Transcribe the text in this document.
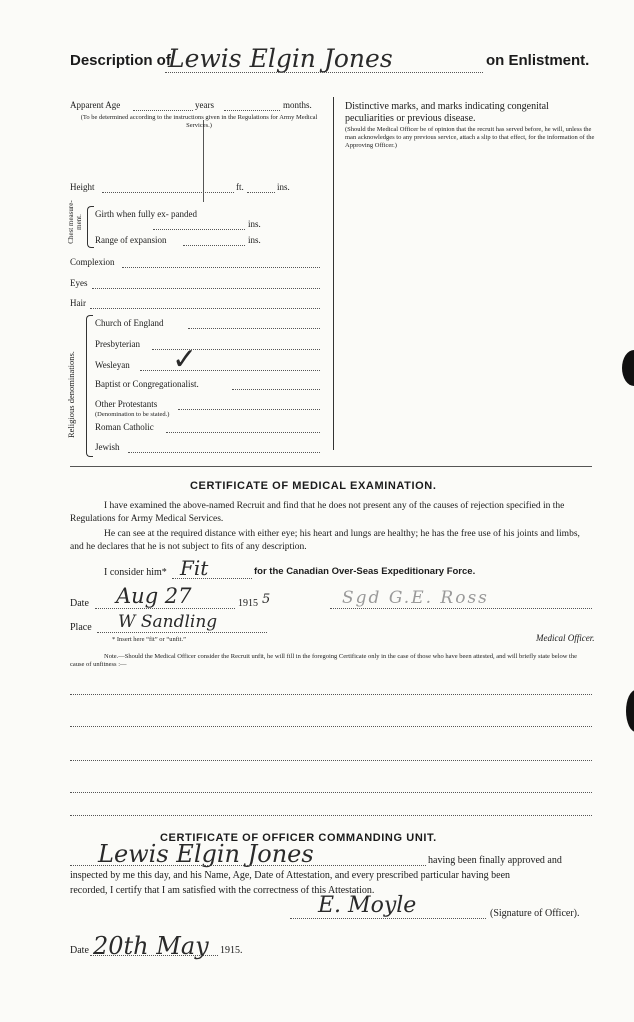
Description of
Lewis Elgin Jones	on Enlistment.
Apparent Age	years	months.
(To be determined according to the instructions given in the Regulations for Army Medical Services.)
Height	ft.	ins.
Chest measure-ment.
Girth when fully ex- panded
ins.
Range of expansion	ins.
Complexion
Eyes
Hair
Religious denominations.
Church of England
Presbyterian
Wesleyan ✓
Baptist or Congregationalist.
Other Protestants
(Denomination to be stated.)
Roman Catholic
Jewish
Distinctive marks, and marks indicating congenital peculiarities or previous disease.
(Should the Medical Officer be of opinion that the recruit has served before, he will, unless the man acknowledges to any previous service, attach a slip to that effect, for the information of the Approving Officer.)
CERTIFICATE OF MEDICAL EXAMINATION.
I have examined the above-named Recruit and find that he does not present any of the causes of rejection specified in the Regulations for Army Medical Services.
He can see at the required distance with either eye; his heart and lungs are healthy; he has the free use of his joints and limbs, and he declares that he is not subject to fits of any description.
I consider him* Fit	for the Canadian Over-Seas Expeditionary Force.
Date Aug 27	1915 5	Sgd G.E. Ross
Place W Sandling
* Insert here “fit” or “unfit.”	Medical Officer.
Note.—Should the Medical Officer consider the Recruit unfit, he will fill in the foregoing Certificate only in the case of those who have been attested, and will briefly state below the cause of unfitness :—
CERTIFICATE OF OFFICER COMMANDING UNIT.
Lewis Elgin Jones	having been finally approved and
inspected by me this day, and his Name, Age, Date of Attestation, and every prescribed particular having been
recorded, I certify that I am satisfied with the correctness of this Attestation.
E. Moyle	(Signature of Officer).
Date 20th May 1915.
